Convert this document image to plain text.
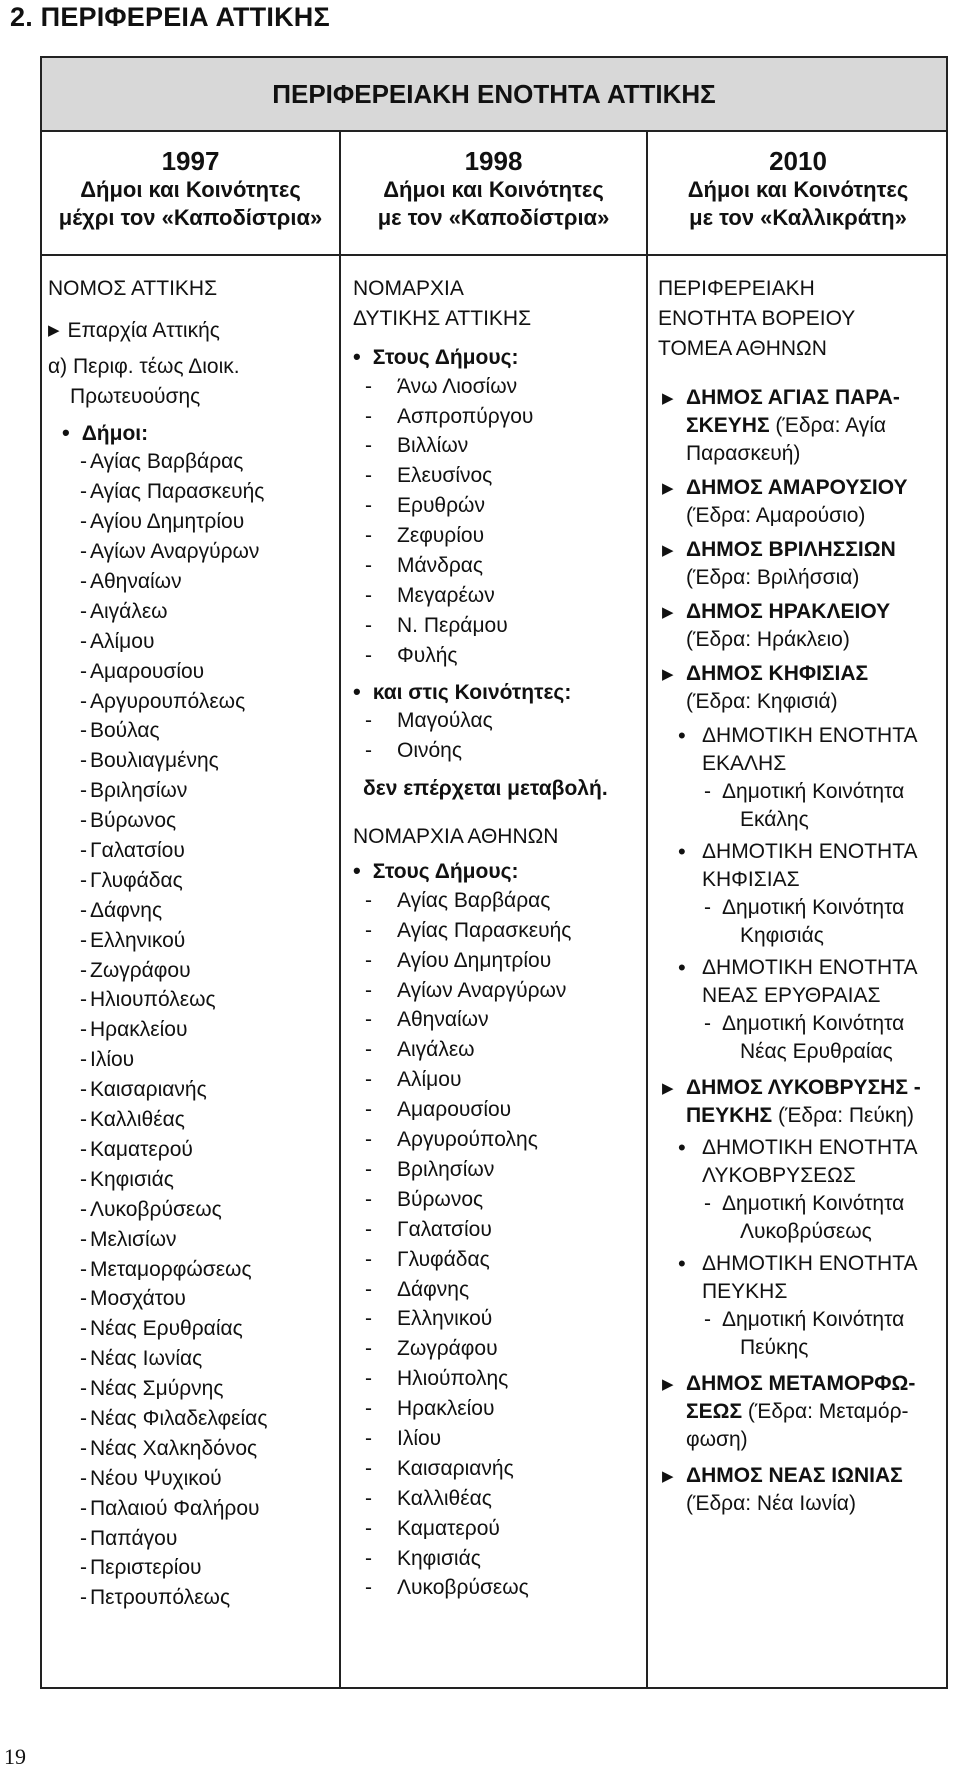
2. ΠΕΡΙΦΕΡΕΙΑ ΑΤΤΙΚΗΣ
ΠΕΡΙΦΕΡΕΙΑΚΗ ΕΝΟΤΗΤΑ ΑΤΤΙΚΗΣ
1997
Δήμοι και Κοινότητες
μέχρι τον «Καποδίστρια»
1998
Δήμοι και Κοινότητες
με τον «Καποδίστρια»
2010
Δήμοι και Κοινότητες
με τον «Καλλικράτη»
ΝΟΜΟΣ ΑΤΤΙΚΗΣ
▶ Επαρχία Αττικής
α) Περιφ. τέως Διοικ.
Πρωτευούσης
• Δήμοι:
- Αγίας Βαρβάρας
- Αγίας Παρασκευής
- Αγίου Δημητρίου
- Αγίων Αναργύρων
- Αθηναίων
- Αιγάλεω
- Αλίμου
- Αμαρουσίου
- Αργυρουπόλεως
- Βούλας
- Βουλιαγμένης
- Βριλησίων
- Βύρωνος
- Γαλατσίου
- Γλυφάδας
- Δάφνης
- Ελληνικού
- Ζωγράφου
- Ηλιουπόλεως
- Ηρακλείου
- Ιλίου
- Καισαριανής
- Καλλιθέας
- Καματερού
- Κηφισιάς
- Λυκοβρύσεως
- Μελισίων
- Μεταμορφώσεως
- Μοσχάτου
- Νέας Ερυθραίας
- Νέας Ιωνίας
- Νέας Σμύρνης
- Νέας Φιλαδελφείας
- Νέας Χαλκηδόνος
- Νέου Ψυχικού
- Παλαιού Φαλήρου
- Παπάγου
- Περιστερίου
- Πετρουπόλεως
ΝΟΜΑΡΧΙΑ
ΔΥΤΙΚΗΣ ΑΤΤΙΚΗΣ
• Στους Δήμους:
- Άνω Λιοσίων
- Ασπροπύργου
- Βιλλίων
- Ελευσίνος
- Ερυθρών
- Ζεφυρίου
- Μάνδρας
- Μεγαρέων
- Ν. Περάμου
- Φυλής
• και στις Κοινότητες:
- Μαγούλας
- Οινόης
δεν επέρχεται μεταβολή.
ΝΟΜΑΡΧΙΑ ΑΘΗΝΩΝ
• Στους Δήμους:
- Αγίας Βαρβάρας
- Αγίας Παρασκευής
- Αγίου Δημητρίου
- Αγίων Αναργύρων
- Αθηναίων
- Αιγάλεω
- Αλίμου
- Αμαρουσίου
- Αργυρούπολης
- Βριλησίων
- Βύρωνος
- Γαλατσίου
- Γλυφάδας
- Δάφνης
- Ελληνικού
- Ζωγράφου
- Ηλιούπολης
- Ηρακλείου
- Ιλίου
- Καισαριανής
- Καλλιθέας
- Καματερού
- Κηφισιάς
- Λυκοβρύσεως
ΠΕΡΙΦΕΡΕΙΑΚΗ
ΕΝΟΤΗΤΑ ΒΟΡΕΙΟΥ
ΤΟΜΕΑ ΑΘΗΝΩΝ
▶ ΔΗΜΟΣ ΑΓΙΑΣ ΠΑΡΑ-
ΣΚΕΥΗΣ (Έδρα: Αγία
Παρασκευή)
▶ ΔΗΜΟΣ ΑΜΑΡΟΥΣΙΟΥ
(Έδρα: Αμαρούσιο)
▶ ΔΗΜΟΣ ΒΡΙΛΗΣΣΙΩΝ
(Έδρα: Βριλήσσια)
▶ ΔΗΜΟΣ ΗΡΑΚΛΕΙΟΥ
(Έδρα: Ηράκλειο)
▶ ΔΗΜΟΣ ΚΗΦΙΣΙΑΣ
(Έδρα: Κηφισιά)
• ΔΗΜΟΤΙΚΗ ΕΝΟΤΗΤΑ
ΕΚΑΛΗΣ
- Δημοτική Κοινότητα
Εκάλης
• ΔΗΜΟΤΙΚΗ ΕΝΟΤΗΤΑ
ΚΗΦΙΣΙΑΣ
- Δημοτική Κοινότητα
Κηφισιάς
• ΔΗΜΟΤΙΚΗ ΕΝΟΤΗΤΑ
ΝΕΑΣ ΕΡΥΘΡΑΙΑΣ
- Δημοτική Κοινότητα
Νέας Ερυθραίας
▶ ΔΗΜΟΣ ΛΥΚΟΒΡΥΣΗΣ -
ΠΕΥΚΗΣ (Έδρα: Πεύκη)
• ΔΗΜΟΤΙΚΗ ΕΝΟΤΗΤΑ
ΛΥΚΟΒΡΥΣΕΩΣ
- Δημοτική Κοινότητα
Λυκοβρύσεως
• ΔΗΜΟΤΙΚΗ ΕΝΟΤΗΤΑ
ΠΕΥΚΗΣ
- Δημοτική Κοινότητα
Πεύκης
▶ ΔΗΜΟΣ ΜΕΤΑΜΟΡΦΩ-
ΣΕΩΣ (Έδρα: Μεταμόρ-
φωση)
▶ ΔΗΜΟΣ ΝΕΑΣ ΙΩΝΙΑΣ
(Έδρα: Νέα Ιωνία)
19
